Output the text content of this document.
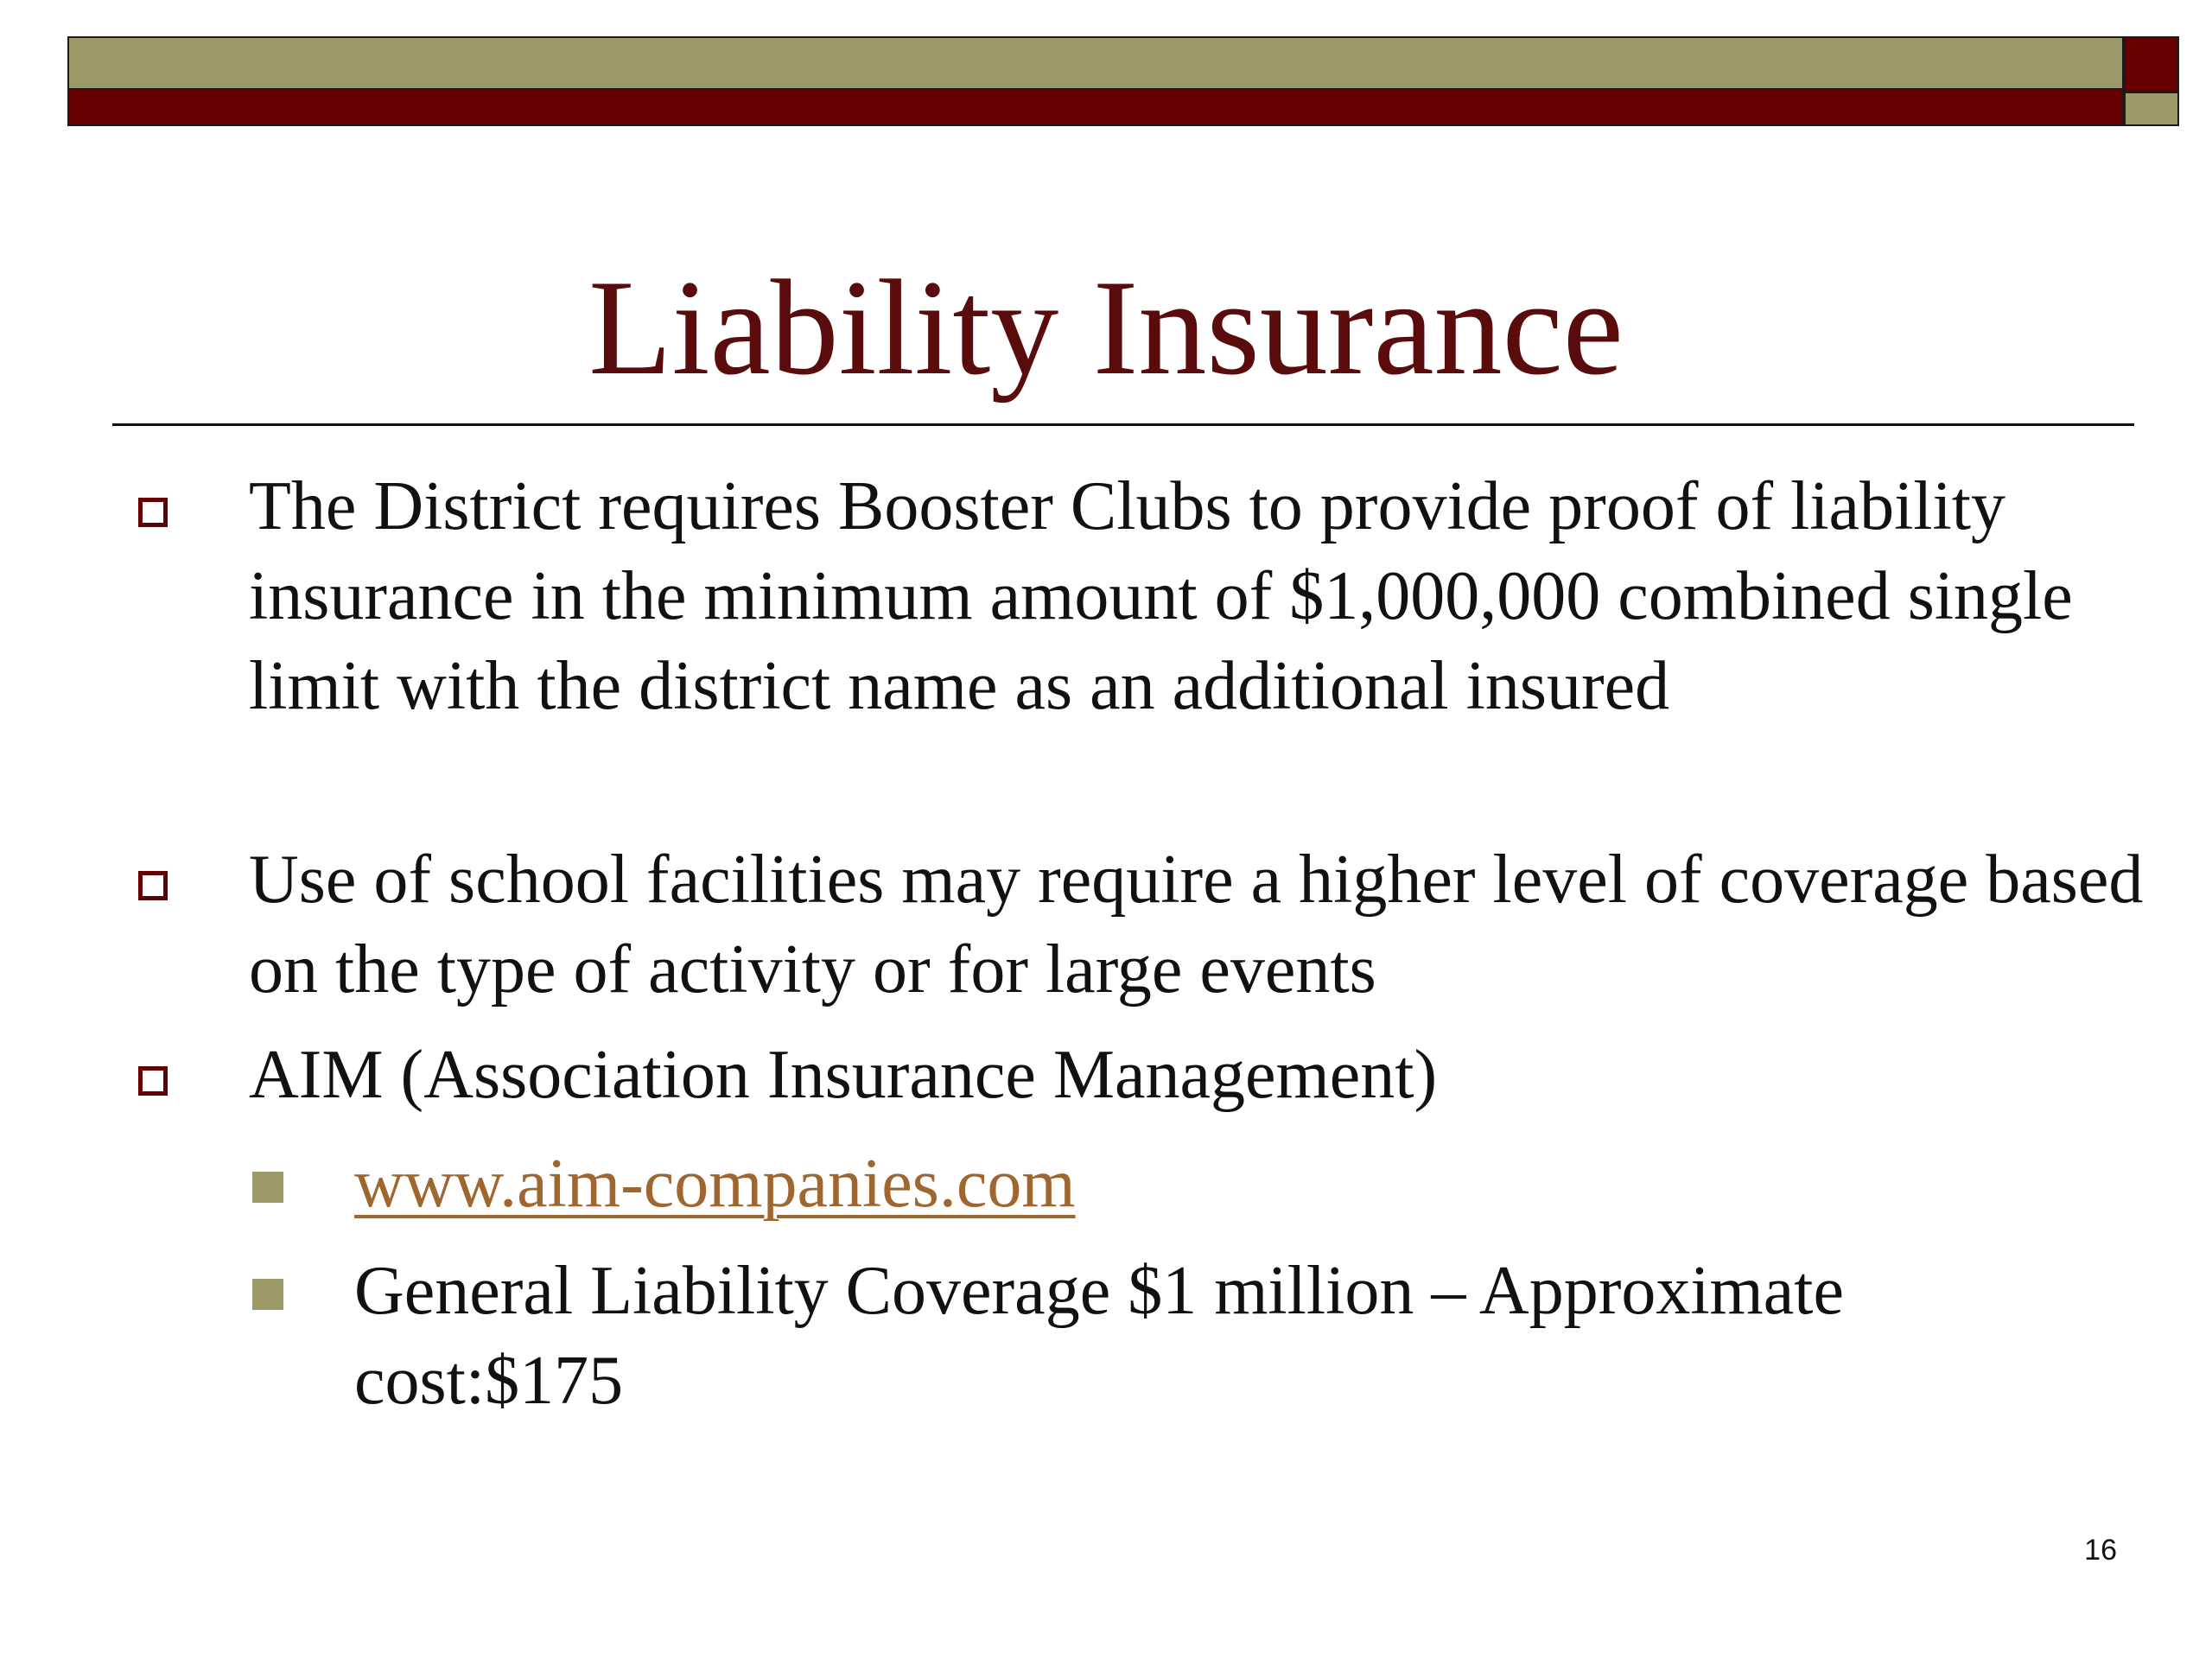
Liability Insurance
The District requires Booster Clubs to provide proof of liability insurance in the minimum amount of $1,000,000 combined single limit with the district name as an additional insured
Use of school facilities may require a higher level of coverage based on the type of activity or for large events
AIM (Association Insurance Management)
www.aim-companies.com
General Liability Coverage $1 million – Approximate cost:$175
16
